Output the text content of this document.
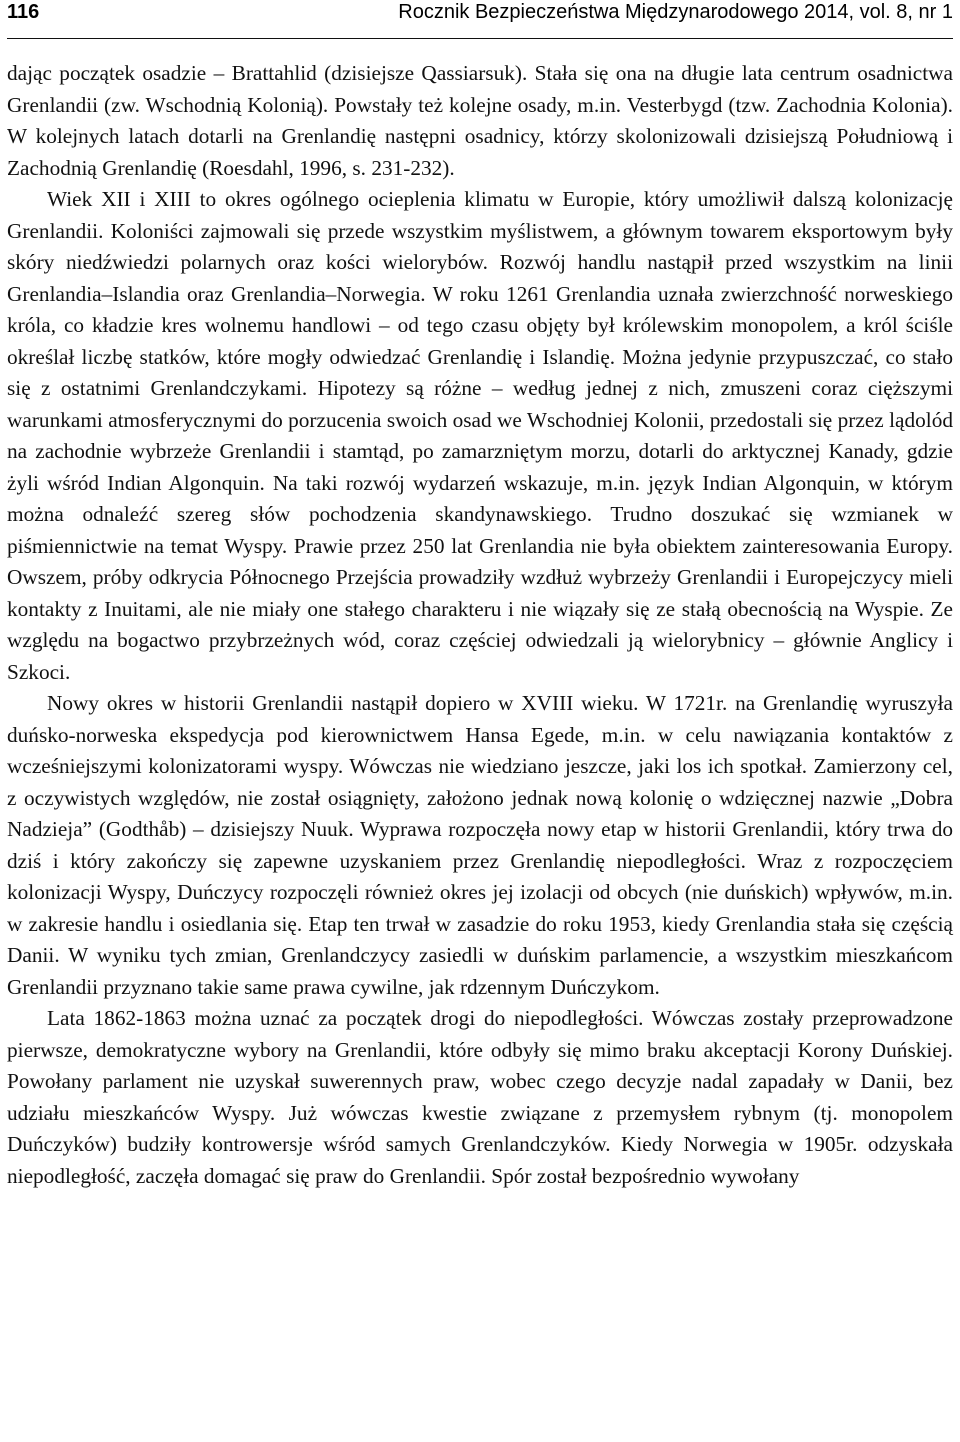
116	Rocznik Bezpieczeństwa Międzynarodowego 2014, vol. 8, nr 1

dając początek osadzie – Brattahlid (dzisiejsze Qassiarsuk). Stała się ona na długie lata centrum osadnictwa Grenlandii (zw. Wschodnią Kolonią). Powstały też kolejne osady, m.in. Vesterbygd (tzw. Zachodnia Kolonia). W kolejnych latach dotarli na Grenlandię następni osadnicy, którzy skolonizowali dzisiejszą Południową i Zachodnią Grenlandię (Roesdahl, 1996, s. 231-232).

Wiek XII i XIII to okres ogólnego ocieplenia klimatu w Europie, który umożliwił dalszą kolonizację Grenlandii. Koloniści zajmowali się przede wszystkim myślistwem, a głównym towarem eksportowym były skóry niedźwiedzi polarnych oraz kości wielorybów. Rozwój handlu nastąpił przed wszystkim na linii Grenlandia–Islandia oraz Grenlandia–Norwegia. W roku 1261 Grenlandia uznała zwierzchność norweskiego króla, co kładzie kres wolnemu handlowi – od tego czasu objęty był królewskim monopolem, a król ściśle określał liczbę statków, które mogły odwiedzać Grenlandię i Islandię. Można jedynie przypuszczać, co stało się z ostatnimi Grenlandczykami. Hipotezy są różne – według jednej z nich, zmuszeni coraz cięższymi warunkami atmosferycznymi do porzucenia swoich osad we Wschodniej Kolonii, przedostali się przez lądolód na zachodnie wybrzeże Grenlandii i stamtąd, po zamarzniętym morzu, dotarli do arktycznej Kanady, gdzie żyli wśród Indian Algonquin. Na taki rozwój wydarzeń wskazuje, m.in. język Indian Algonquin, w którym można odnaleźć szereg słów pochodzenia skandynawskiego. Trudno doszukać się wzmianek w piśmiennictwie na temat Wyspy. Prawie przez 250 lat Grenlandia nie była obiektem zainteresowania Europy. Owszem, próby odkrycia Północnego Przejścia prowadziły wzdłuż wybrzeży Grenlandii i Europejczycy mieli kontakty z Inuitami, ale nie miały one stałego charakteru i nie wiązały się ze stałą obecnością na Wyspie. Ze względu na bogactwo przybrzeżnych wód, coraz częściej odwiedzali ją wielorybnicy – głównie Anglicy i Szkoci.

Nowy okres w historii Grenlandii nastąpił dopiero w XVIII wieku. W 1721r. na Grenlandię wyruszyła duńsko-norweska ekspedycja pod kierownictwem Hansa Egede, m.in. w celu nawiązania kontaktów z wcześniejszymi kolonizatorami wyspy. Wówczas nie wiedziano jeszcze, jaki los ich spotkał. Zamierzony cel, z oczywistych względów, nie został osiągnięty, założono jednak nową kolonię o wdzięcznej nazwie „Dobra Nadzieja” (Godthåb) – dzisiejszy Nuuk. Wyprawa rozpoczęła nowy etap w historii Grenlandii, który trwa do dziś i który zakończy się zapewne uzyskaniem przez Grenlandię niepodległości. Wraz z rozpoczęciem kolonizacji Wyspy, Duńczycy rozpoczęli również okres jej izolacji od obcych (nie duńskich) wpływów, m.in. w zakresie handlu i osiedlania się. Etap ten trwał w zasadzie do roku 1953, kiedy Grenlandia stała się częścią Danii. W wyniku tych zmian, Grenlandczycy zasiedli w duńskim parlamencie, a wszystkim mieszkańcom Grenlandii przyznano takie same prawa cywilne, jak rdzennym Duńczykom.

Lata 1862-1863 można uznać za początek drogi do niepodległości. Wówczas zostały przeprowadzone pierwsze, demokratyczne wybory na Grenlandii, które odbyły się mimo braku akceptacji Korony Duńskiej. Powołany parlament nie uzyskał suwerennych praw, wobec czego decyzje nadal zapadały w Danii, bez udziału mieszkańców Wyspy. Już wówczas kwestie związane z przemysłem rybnym (tj. monopolem Duńczyków) budziły kontrowersje wśród samych Grenlandczyków. Kiedy Norwegia w 1905r. odzyskała niepodległość, zaczęła domagać się praw do Grenlandii. Spór został bezpośrednio wywołany
